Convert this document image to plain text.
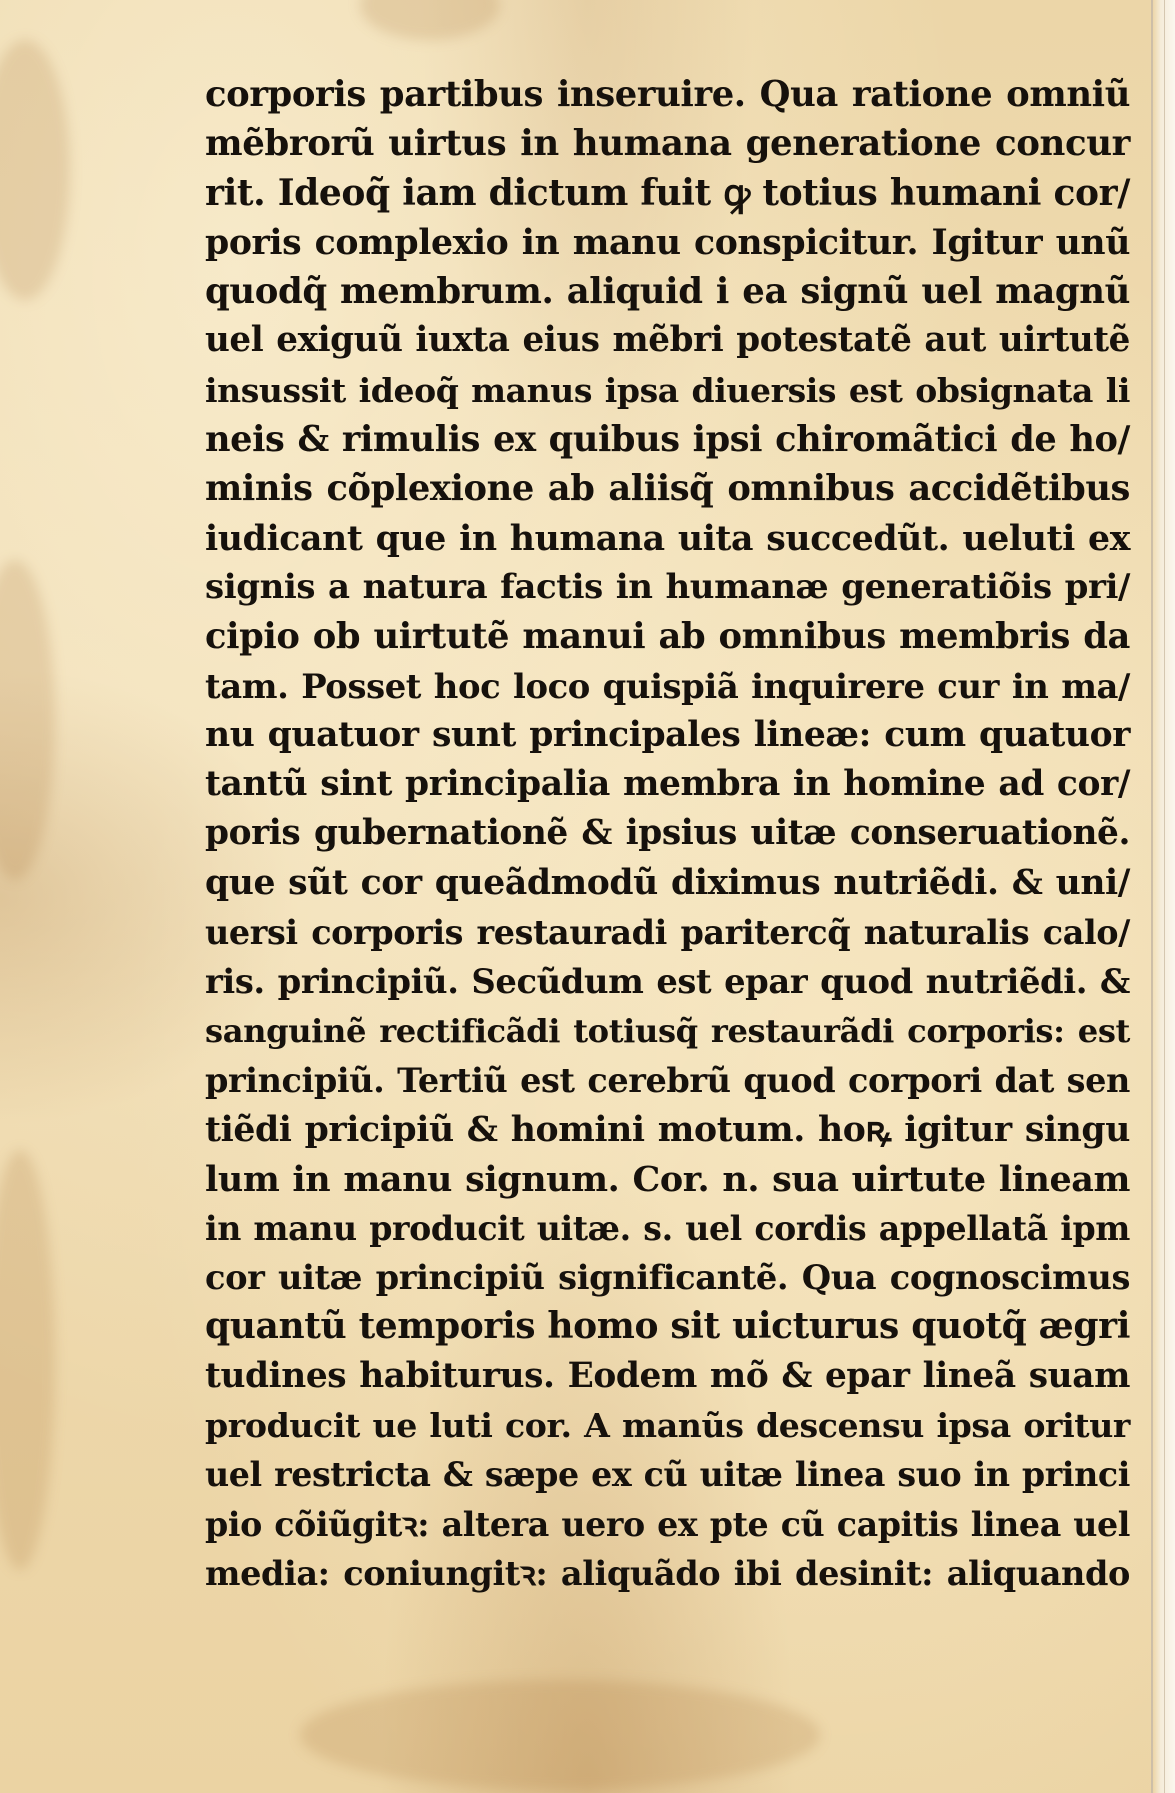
corporis partibus inseruire. Qua ratione omniũ
mẽbrorũ uirtus in humana generatione concur
rit. Ideoq̃ iam dictum fuit ꝙ totius humani cor/
poris complexio in manu conspicitur. Igitur unũ
quodq̃ membrum. aliquid i ea signũ uel magnũ
uel exiguũ iuxta eius mẽbri potestatẽ aut uirtutẽ
insussit ideoq̃ manus ipsa diuersis est obsignata li
neis & rimulis ex quibus ipsi chiromãtici de ho/
minis cõplexione ab aliisq̃ omnibus accidẽtibus
iudicant que in humana uita succedũt. ueluti ex
signis a natura factis in humanæ generatiõis pri/
cipio ob uirtutẽ manui ab omnibus membris da
tam. Posset hoc loco quispiã inquirere cur in ma/
nu quatuor sunt principales lineæ: cum quatuor
tantũ sint principalia membra in homine ad cor/
poris gubernationẽ & ipsius uitæ conseruationẽ.
que sũt cor queãdmodũ diximus nutriẽdi. & uni/
uersi corporis restauradi paritercq̃ naturalis calo/
ris. principiũ. Secũdum est epar quod nutriẽdi. &
sanguinẽ rectificãdi totiusq̃ restaurãdi corporis: est
principiũ. Tertiũ est cerebrũ quod corpori dat sen
tiẽdi pricipiũ & homini motum. hoꝶ igitur singu
lum in manu signum. Cor. n. sua uirtute lineam
in manu producit uitæ. s. uel cordis appellatã ipm
cor uitæ principiũ significantẽ. Qua cognoscimus
quantũ temporis homo sit uicturus quotq̃ ægri
tudines habiturus. Eodem mõ & epar lineã suam
producit ue luti cor. A manũs descensu ipsa oritur
uel restricta & sæpe ex cũ uitæ linea suo in princi
pio cõiũgitꝛ: altera uero ex pte cũ capitis linea uel
media: coniungitꝛ: aliquãdo ibi desinit: aliquando
